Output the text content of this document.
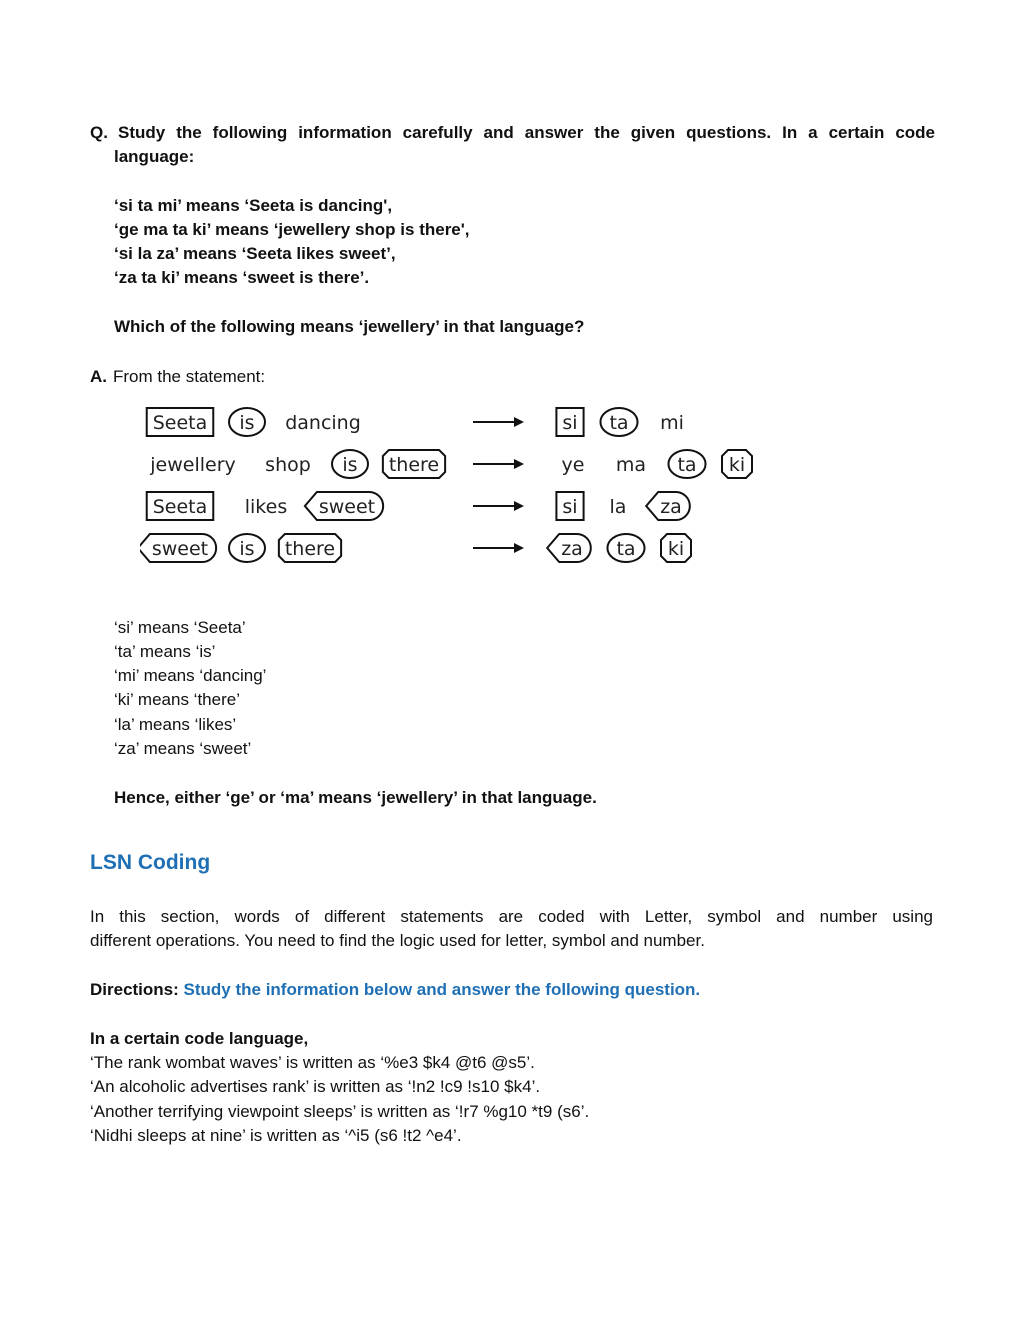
Q. Study the following information carefully and answer the given questions. In a certain code
language:
‘si ta mi’ means ‘Seeta is dancing',
‘ge ma ta ki’ means ‘jewellery shop is there',
‘si la za’ means ‘Seeta likes sweet’,
‘za ta ki’ means ‘sweet is there’.
Which of the following means ‘jewellery’ in that language?
A. From the statement:
Seeta is dancing	si ta mi
jewellery shop is there	ye ma ta ki
Seeta likes sweet	si la za
sweet is there	za ta ki
‘si’ means ‘Seeta’
‘ta’ means ‘is’
‘mi’ means ‘dancing’
‘ki’ means ‘there’
‘la’ means ‘likes’
‘za’ means ‘sweet’
Hence, either ‘ge’ or ‘ma’ means ‘jewellery’ in that language.
LSN Coding
In this section, words of different statements are coded with Letter, symbol and number using
different operations. You need to find the logic used for letter, symbol and number.
Directions: Study the information below and answer the following question.
In a certain code language,
‘The rank wombat waves’ is written as ‘%e3 $k4 @t6 @s5’.
‘An alcoholic advertises rank’ is written as ‘!n2 !c9 !s10 $k4’.
‘Another terrifying viewpoint sleeps’ is written as ‘!r7 %g10 *t9 (s6’.
‘Nidhi sleeps at nine’ is written as ‘^i5 (s6 !t2 ^e4’.
